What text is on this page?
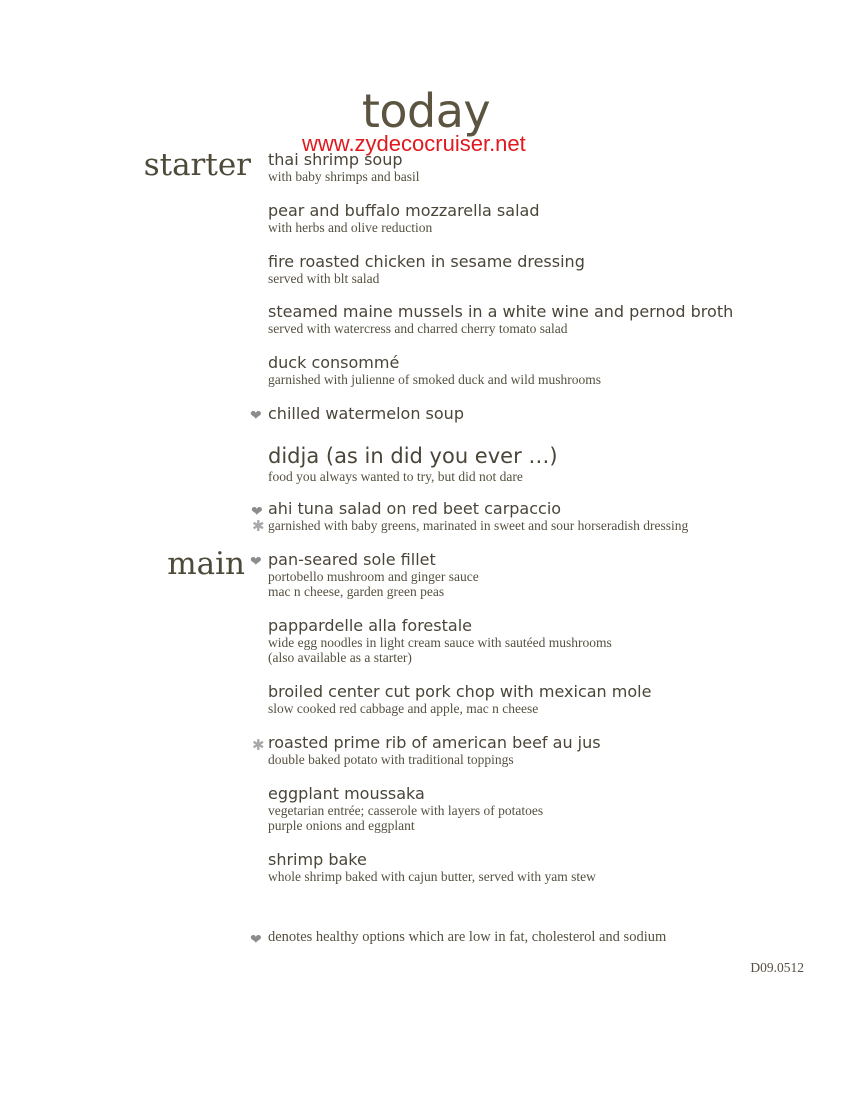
today
www.zydecocruiser.net
starter
main
thai shrimp soup
with baby shrimps and basil
pear and buffalo mozzarella salad
with herbs and olive reduction
fire roasted chicken in sesame dressing
served with blt salad
steamed maine mussels in a white wine and pernod broth
served with watercress and charred cherry tomato salad
duck consommé
garnished with julienne of smoked duck and wild mushrooms
❤ chilled watermelon soup
didja (as in did you ever …)
food you always wanted to try, but did not dare
❤
✱
ahi tuna salad on red beet carpaccio
garnished with baby greens, marinated in sweet and sour horseradish dressing
❤ pan-seared sole fillet
portobello mushroom and ginger sauce
mac n cheese, garden green peas
pappardelle alla forestale
wide egg noodles in light cream sauce with sautéed mushrooms
(also available as a starter)
broiled center cut pork chop with mexican mole
slow cooked red cabbage and apple, mac n cheese
✱ roasted prime rib of american beef au jus
double baked potato with traditional toppings
eggplant moussaka
vegetarian entrée; casserole with layers of potatoes
purple onions and eggplant
shrimp bake
whole shrimp baked with cajun butter, served with yam stew
❤ denotes healthy options which are low in fat, cholesterol and sodium
D09.0512
